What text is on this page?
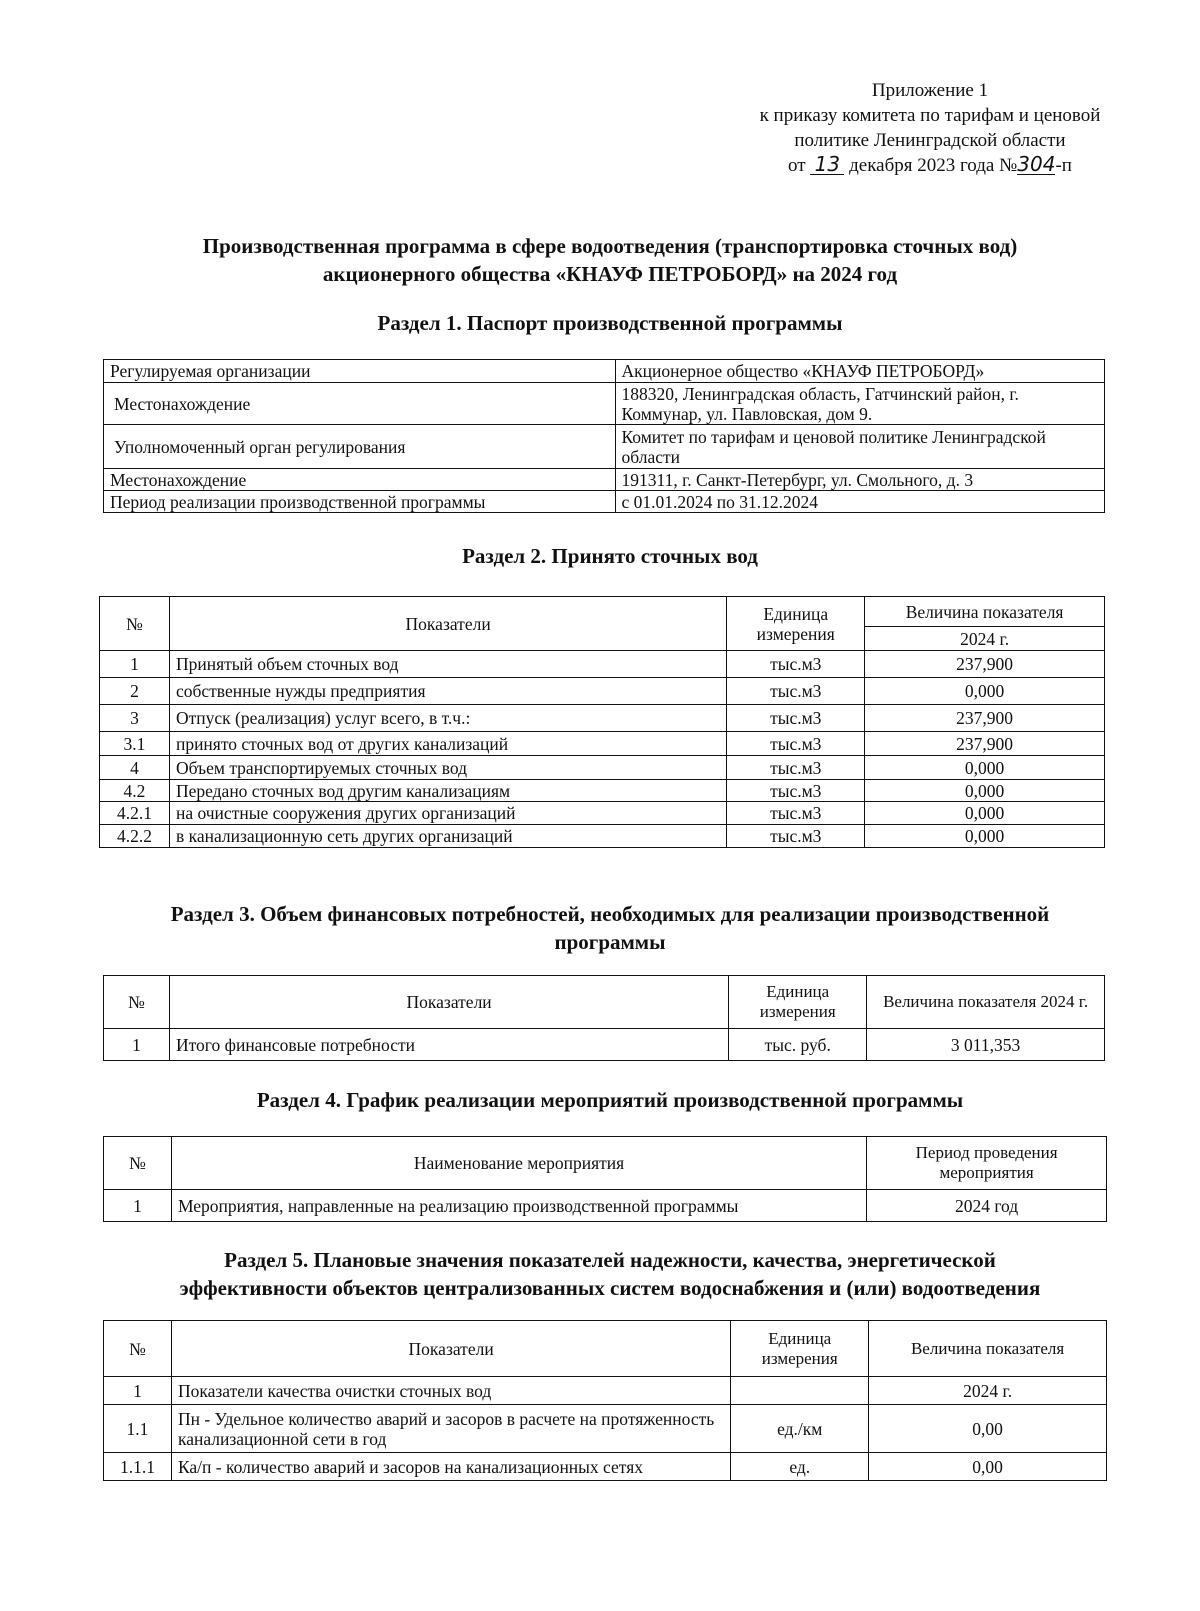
Приложение 1
к приказу комитета по тарифам и ценовой
политике Ленинградской области
от 13 декабря 2023 года №304-п
Производственная программа в сфере водоотведения (транспортировка сточных вод)
акционерного общества «КНАУФ ПЕТРОБОРД» на 2024 год
Раздел 1. Паспорт производственной программы
Регулируемая организации	Акционерное общество «КНАУФ ПЕТРОБОРД»
Местонахождение	188320, Ленинградская область, Гатчинский район, г. Коммунар, ул. Павловская, дом 9.
Уполномоченный орган регулирования	Комитет по тарифам и ценовой политике Ленинградской области
Местонахождение	191311, г. Санкт-Петербург, ул. Смольного, д. 3
Период реализации производственной программы	с 01.01.2024 по 31.12.2024
Раздел 2. Принято сточных вод
№	Показатели	Единица измерения	Величина показателя
			2024 г.
1	Принятый объем сточных вод	тыс.м3	237,900
2	собственные нужды предприятия	тыс.м3	0,000
3	Отпуск (реализация) услуг всего, в т.ч.:	тыс.м3	237,900
3.1	принято сточных вод от других канализаций	тыс.м3	237,900
4	Объем транспортируемых сточных вод	тыс.м3	0,000
4.2	Передано сточных вод другим канализациям	тыс.м3	0,000
4.2.1	на очистные сооружения других организаций	тыс.м3	0,000
4.2.2	в канализационную сеть других организаций	тыс.м3	0,000
Раздел 3. Объем финансовых потребностей, необходимых для реализации производственной
программы
№	Показатели	Единица измерения	Величина показателя 2024 г.
1	Итого финансовые потребности	тыс. руб.	3 011,353
Раздел 4. График реализации мероприятий производственной программы
№	Наименование мероприятия	Период проведения мероприятия
1	Мероприятия, направленные на реализацию производственной программы	2024 год
Раздел 5. Плановые значения показателей надежности, качества, энергетической
эффективности объектов централизованных систем водоснабжения и (или) водоотведения
№	Показатели	Единица измерения	Величина показателя
1	Показатели качества очистки сточных вод		2024 г.
1.1	Пн - Удельное количество аварий и засоров в расчете на протяженность канализационной сети в год	ед./км	0,00
1.1.1	Ка/п - количество аварий и засоров на канализационных сетях	ед.	0,00
